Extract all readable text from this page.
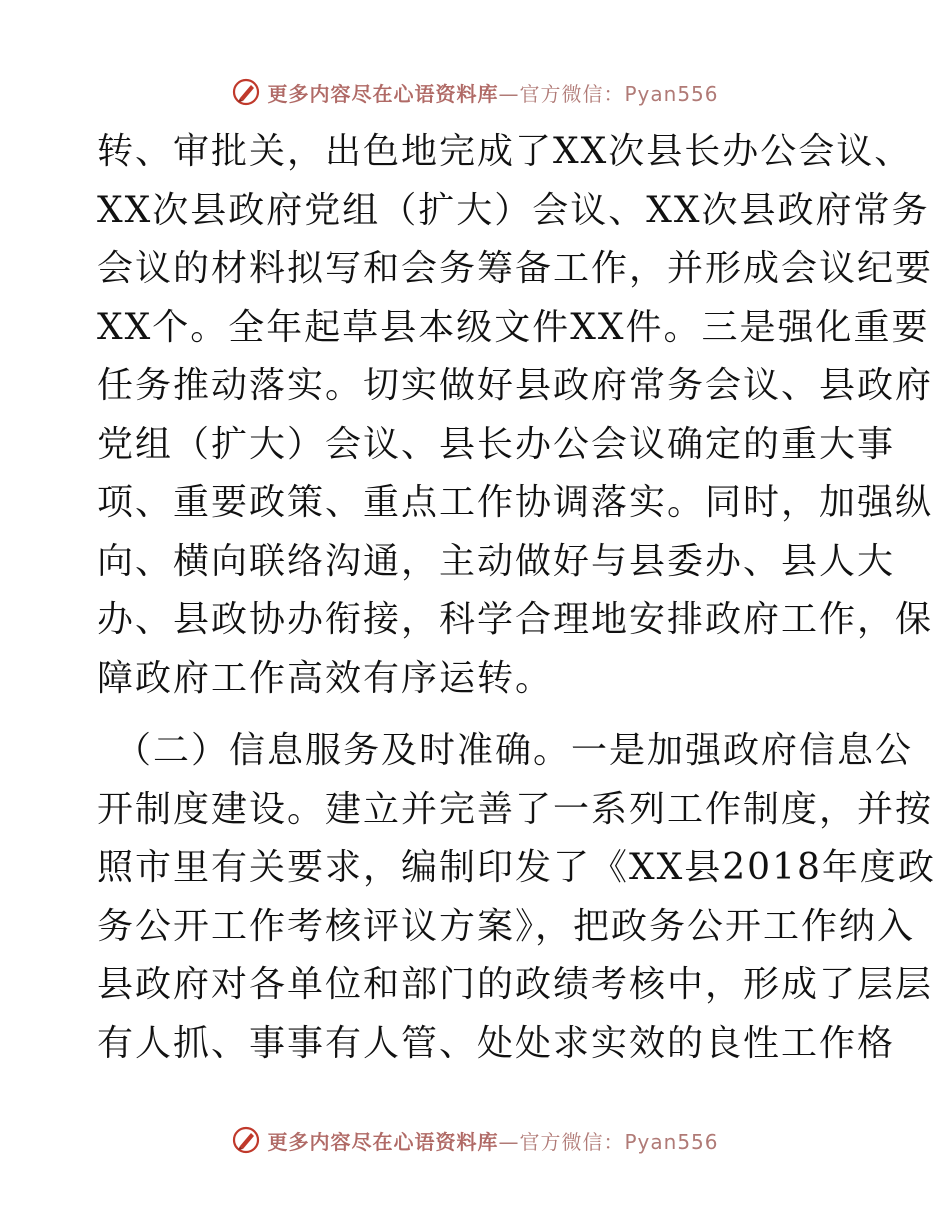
更多内容尽在心语资料库—官方微信：Pyan556
转、审批关，出色地完成了XX次县长办公会议、
XX次县政府党组（扩大）会议、XX次县政府常务
会议的材料拟写和会务筹备工作，并形成会议纪要
XX个。全年起草县本级文件XX件。三是强化重要
任务推动落实。切实做好县政府常务会议、县政府
党组（扩大）会议、县长办公会议确定的重大事
项、重要政策、重点工作协调落实。同时，加强纵
向、横向联络沟通，主动做好与县委办、县人大
办、县政协办衔接，科学合理地安排政府工作，保
障政府工作高效有序运转。
（二）信息服务及时准确。一是加强政府信息公
开制度建设。建立并完善了一系列工作制度，并按
照市里有关要求，编制印发了《XX县2018年度政
务公开工作考核评议方案》，把政务公开工作纳入
县政府对各单位和部门的政绩考核中，形成了层层
有人抓、事事有人管、处处求实效的良性工作格
更多内容尽在心语资料库—官方微信：Pyan556
